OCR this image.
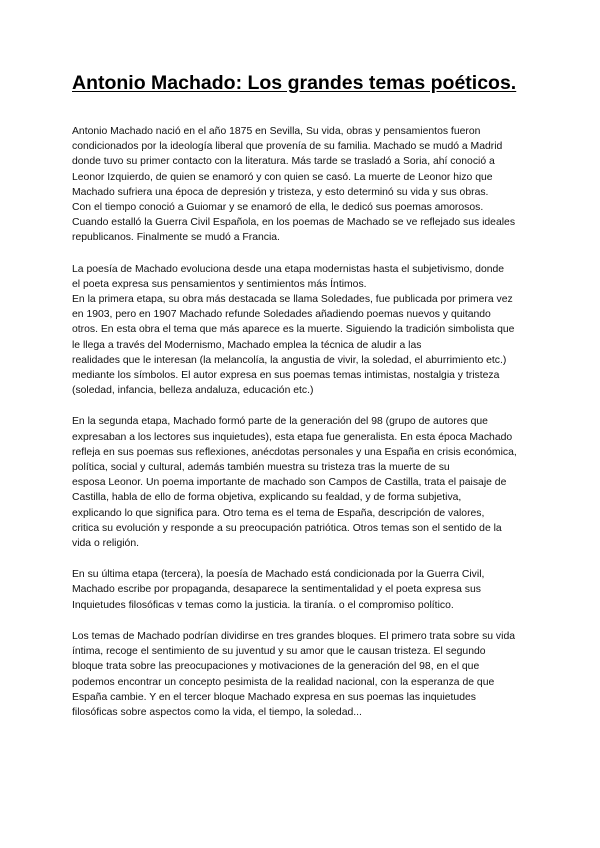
Antonio Machado: Los grandes temas poéticos.
Antonio Machado nació en el año 1875 en Sevilla, Su vida, obras y pensamientos fueron
condicionados por la ideología liberal que provenía de su familia. Machado se mudó a Madrid
donde tuvo su primer contacto con la literatura. Más tarde se trasladó a Soria, ahí conoció a
Leonor Izquierdo, de quien se enamoró y con quien se casó. La muerte de Leonor hizo que
Machado sufriera una época de depresión y tristeza, y esto determinó su vida y sus obras.
Con el tiempo conoció a Guiomar y se enamoró de ella, le dedicó sus poemas amorosos.
Cuando estalló la Guerra Civil Española, en los poemas de Machado se ve reflejado sus ideales
republicanos. Finalmente se mudó a Francia.
La poesía de Machado evoluciona desde una etapa modernistas hasta el subjetivismo, donde
el poeta expresa sus pensamientos y sentimientos más Íntimos.
En la primera etapa, su obra más destacada se llama Soledades, fue publicada por primera vez
en 1903, pero en 1907 Machado refunde Soledades añadiendo poemas nuevos y quitando
otros. En esta obra el tema que más aparece es la muerte. Siguiendo la tradición simbolista que
le llega a través del Modernismo, Machado emplea la técnica de aludir a las
realidades que le interesan (la melancolía, la angustia de vivir, la soledad, el aburrimiento etc.)
mediante los símbolos. El autor expresa en sus poemas temas intimistas, nostalgia y tristeza
(soledad, infancia, belleza andaluza, educación etc.)
En la segunda etapa, Machado formó parte de la generación del 98 (grupo de autores que
expresaban a los lectores sus inquietudes), esta etapa fue generalista. En esta época Machado
refleja en sus poemas sus reflexiones, anécdotas personales y una España en crisis económica,
política, social y cultural, además también muestra su tristeza tras la muerte de su
esposa Leonor. Un poema importante de machado son Campos de Castilla, trata el paisaje de
Castilla, habla de ello de forma objetiva, explicando su fealdad, y de forma subjetiva,
explicando lo que significa para. Otro tema es el tema de España, descripción de valores,
critica su evolución y responde a su preocupación patriótica. Otros temas son el sentido de la
vida o religión.
En su última etapa (tercera), la poesía de Machado está condicionada por la Guerra Civil,
Machado escribe por propaganda, desaparece la sentimentalidad y el poeta expresa sus
Inquietudes filosóficas v temas como la justicia. la tiranía. o el compromiso político.
Los temas de Machado podrían dividirse en tres grandes bloques. El primero trata sobre su vida
íntima, recoge el sentimiento de su juventud y su amor que le causan tristeza. El segundo
bloque trata sobre las preocupaciones y motivaciones de la generación del 98, en el que
podemos encontrar un concepto pesimista de la realidad nacional, con la esperanza de que
España cambie. Y en el tercer bloque Machado expresa en sus poemas las inquietudes
filosóficas sobre aspectos como la vida, el tiempo, la soledad...
